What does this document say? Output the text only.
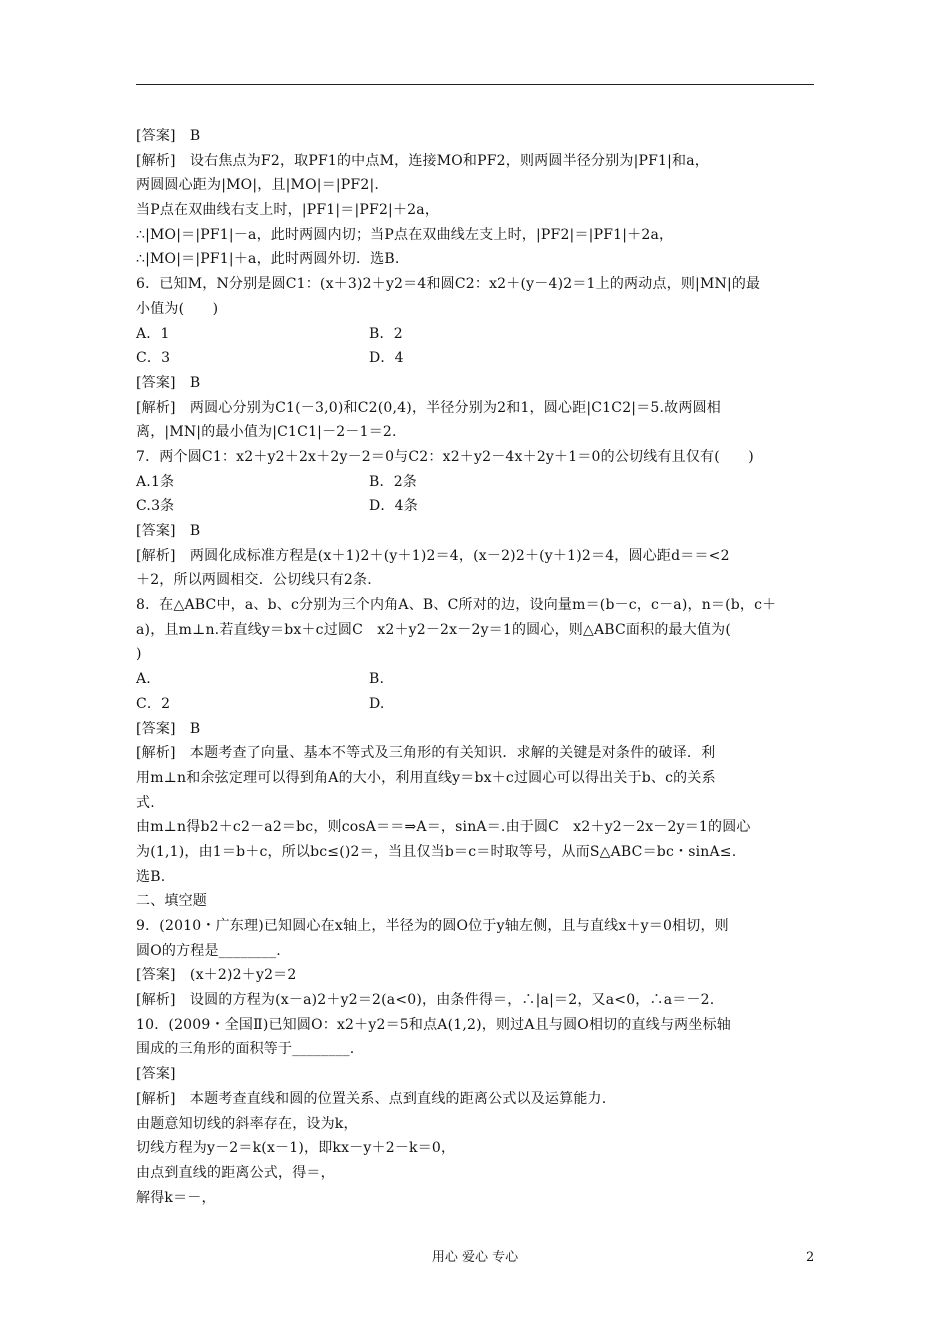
[答案]　B
[解析]　设右焦点为F2，取PF1的中点M，连接MO和PF2，则两圆半径分别为|PF1|和a，
两圆圆心距为|MO|，且|MO|＝|PF2|.
当P点在双曲线右支上时，|PF1|＝|PF2|＋2a，
∴|MO|＝|PF1|－a，此时两圆内切；当P点在双曲线左支上时，|PF2|＝|PF1|＋2a，
∴|MO|＝|PF1|＋a，此时两圆外切．选B.
6．已知M，N分别是圆C1：(x＋3)2＋y2＝4和圆C2：x2＋(y－4)2＝1上的两动点，则|MN|的最
小值为(　　)
A．1	B．2
C．3	D．4
[答案]　B
[解析]　两圆心分别为C1(－3,0)和C2(0,4)，半径分别为2和1，圆心距|C1C2|＝5.故两圆相
离，|MN|的最小值为|C1C1|－2－1＝2.
7．两个圆C1：x2＋y2＋2x＋2y－2＝0与C2：x2＋y2－4x＋2y＋1＝0的公切线有且仅有(　　)
A.1条	B．2条
C.3条	D．4条
[答案]　B
[解析]　两圆化成标准方程是(x＋1)2＋(y＋1)2＝4，(x－2)2＋(y＋1)2＝4，圆心距d＝＝<2
＋2，所以两圆相交．公切线只有2条.
8．在△ABC中，a、b、c分别为三个内角A、B、C所对的边，设向量m＝(b－c，c－a)，n＝(b，c＋
a)，且m⊥n.若直线y＝bx＋c过圆C　x2＋y2－2x－2y＝1的圆心，则△ABC面积的最大值为(
)
A.	B.
C．2	D.
[答案]　B
[解析]　本题考查了向量、基本不等式及三角形的有关知识．求解的关键是对条件的破译．利
用m⊥n和余弦定理可以得到角A的大小，利用直线y＝bx＋c过圆心可以得出关于b、c的关系
式.
由m⊥n得b2＋c2－a2＝bc，则cosA＝＝⇒A＝，sinA＝.由于圆C　x2＋y2－2x－2y＝1的圆心
为(1,1)，由1＝b＋c，所以bc≤()2＝，当且仅当b＝c＝时取等号，从而S△ABC＝bc・sinA≤.
选B.
二、填空题
9．(2010・广东理)已知圆心在x轴上，半径为的圆O位于y轴左侧，且与直线x＋y＝0相切，则
圆O的方程是________.
[答案]　(x＋2)2＋y2＝2
[解析]　设圆的方程为(x－a)2＋y2＝2(a<0)，由条件得＝，∴|a|＝2，又a<0，∴a＝－2.
10．(2009・全国Ⅱ)已知圆O：x2＋y2＝5和点A(1,2)，则过A且与圆O相切的直线与两坐标轴
围成的三角形的面积等于________.
[答案]
[解析]　本题考查直线和圆的位置关系、点到直线的距离公式以及运算能力.
由题意知切线的斜率存在，设为k，
切线方程为y－2＝k(x－1)，即kx－y＋2－k＝0，
由点到直线的距离公式，得＝，
解得k＝－，
用心 爱心 专心	2
